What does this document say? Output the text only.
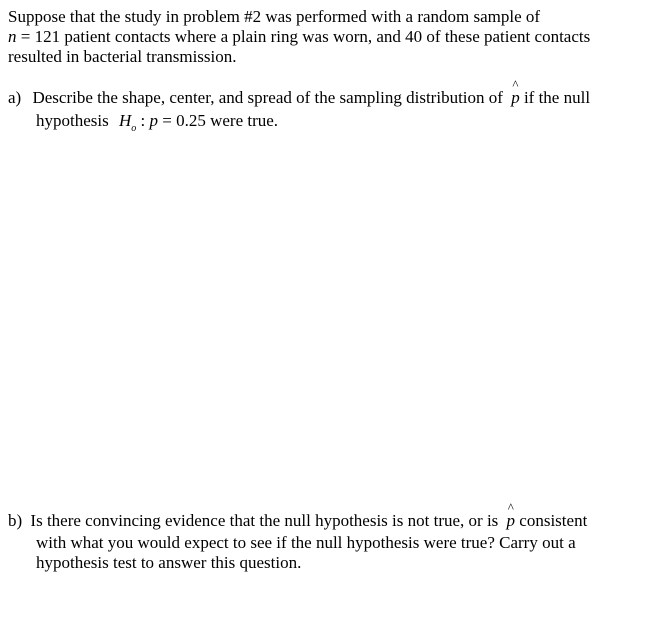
Suppose that the study in problem #2 was performed with a random sample of
n = 121 patient contacts where a plain ring was worn, and 40 of these patient contacts
resulted in bacterial transmission.
a) Describe the shape, center, and spread of the sampling distribution of
^
p if the null
hypothesis $H_o$ : p = 0.25 were true.
b) Is there convincing evidence that the null hypothesis is not true, or is
^
p consistent
with what you would expect to see if the null hypothesis were true? Carry out a
hypothesis test to answer this question.
